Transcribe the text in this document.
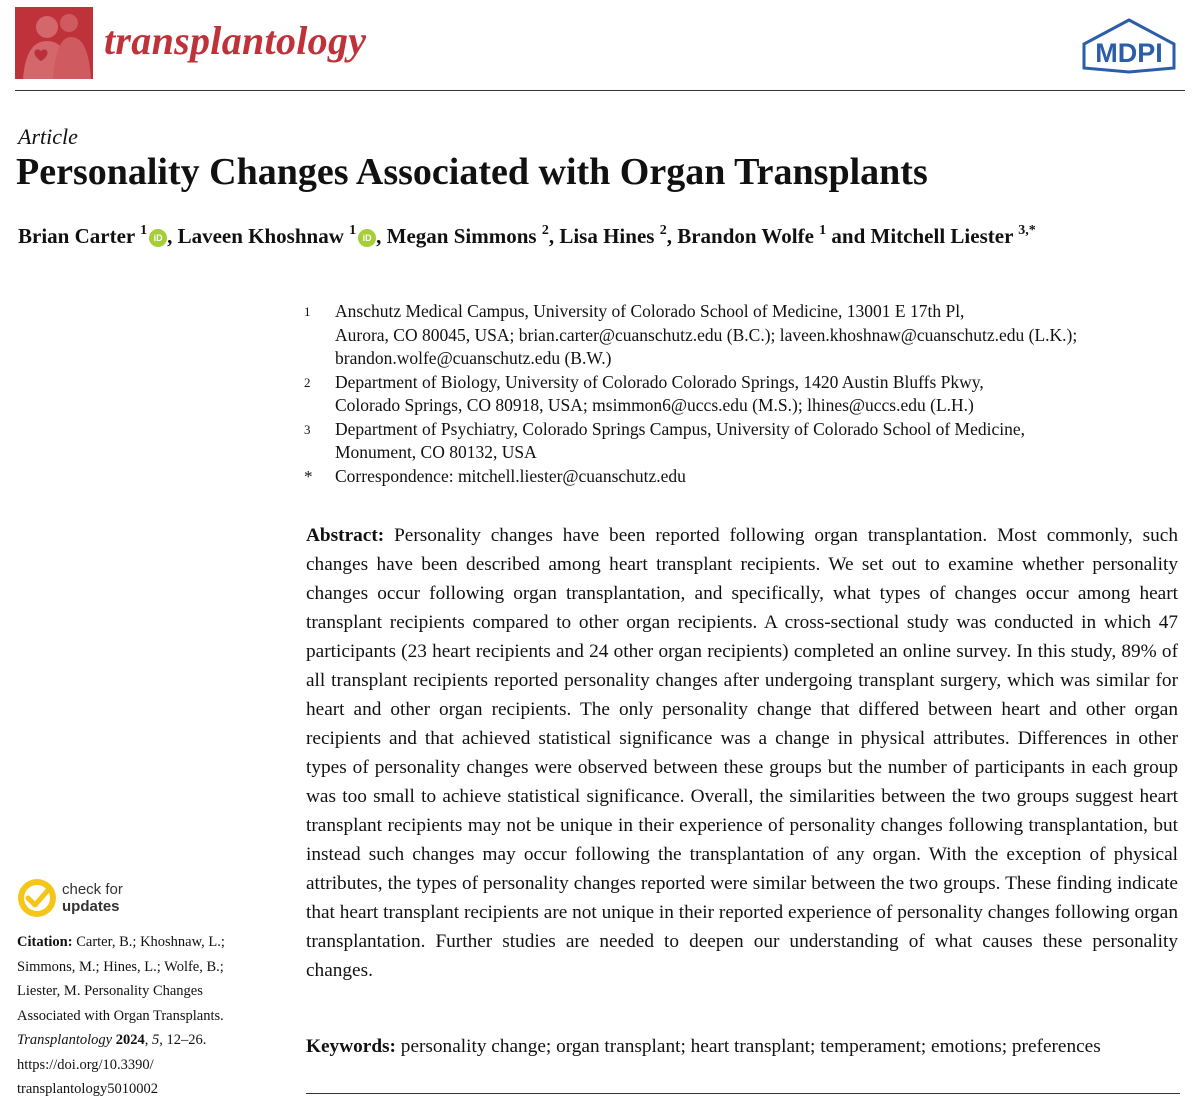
transplantology	MDPI
Article
Personality Changes Associated with Organ Transplants
Brian Carter $^1$ iD , Laveen Khoshnaw $^1$ iD , Megan Simmons $^2$, Lisa Hines $^2$, Brandon Wolfe $^1$ and Mitchell Liester $^{3,*}$
1	Anschutz Medical Campus, University of Colorado School of Medicine, 13001 E 17th Pl,
Aurora, CO 80045, USA; brian.carter@cuanschutz.edu (B.C.); laveen.khoshnaw@cuanschutz.edu (L.K.);
brandon.wolfe@cuanschutz.edu (B.W.)
2	Department of Biology, University of Colorado Colorado Springs, 1420 Austin Bluffs Pkwy,
Colorado Springs, CO 80918, USA; msimmon6@uccs.edu (M.S.); lhines@uccs.edu (L.H.)
3	Department of Psychiatry, Colorado Springs Campus, University of Colorado School of Medicine,
Monument, CO 80132, USA
*	Correspondence: mitchell.liester@cuanschutz.edu

Abstract: Personality changes have been reported following organ transplantation. Most commonly, such changes have been described among heart transplant recipients. We set out to examine whether personality changes occur following organ transplantation, and specifically, what types of changes occur among heart transplant recipients compared to other organ recipients. A cross-sectional study was conducted in which 47 participants (23 heart recipients and 24 other organ recipients) completed an online survey. In this study, 89% of all transplant recipients reported personality changes after undergoing transplant surgery, which was similar for heart and other organ recipients. The only personality change that differed between heart and other organ recipients and that achieved statistical significance was a change in physical attributes. Differences in other types of personality changes were observed between these groups but the number of participants in each group was too small to achieve statistical significance. Overall, the similarities between the two groups suggest heart transplant recipients may not be unique in their experience of personality changes following transplantation, but instead such changes may occur following the transplantation of any organ. With the exception of physical attributes, the types of personality changes reported were similar between the two groups. These finding indicate that heart transplant recipients are not unique in their reported experience of personality changes following organ transplantation. Further studies are needed to deepen our understanding of what causes these personality changes.

Keywords: personality change; organ transplant; heart transplant; temperament; emotions; preferences
check for
updates
Citation: Carter, B.; Khoshnaw, L.;
Simmons, M.; Hines, L.; Wolfe, B.;
Liester, M. Personality Changes
Associated with Organ Transplants.
Transplantology 2024, 5, 12–26.
https://doi.org/10.3390/
transplantology5010002
